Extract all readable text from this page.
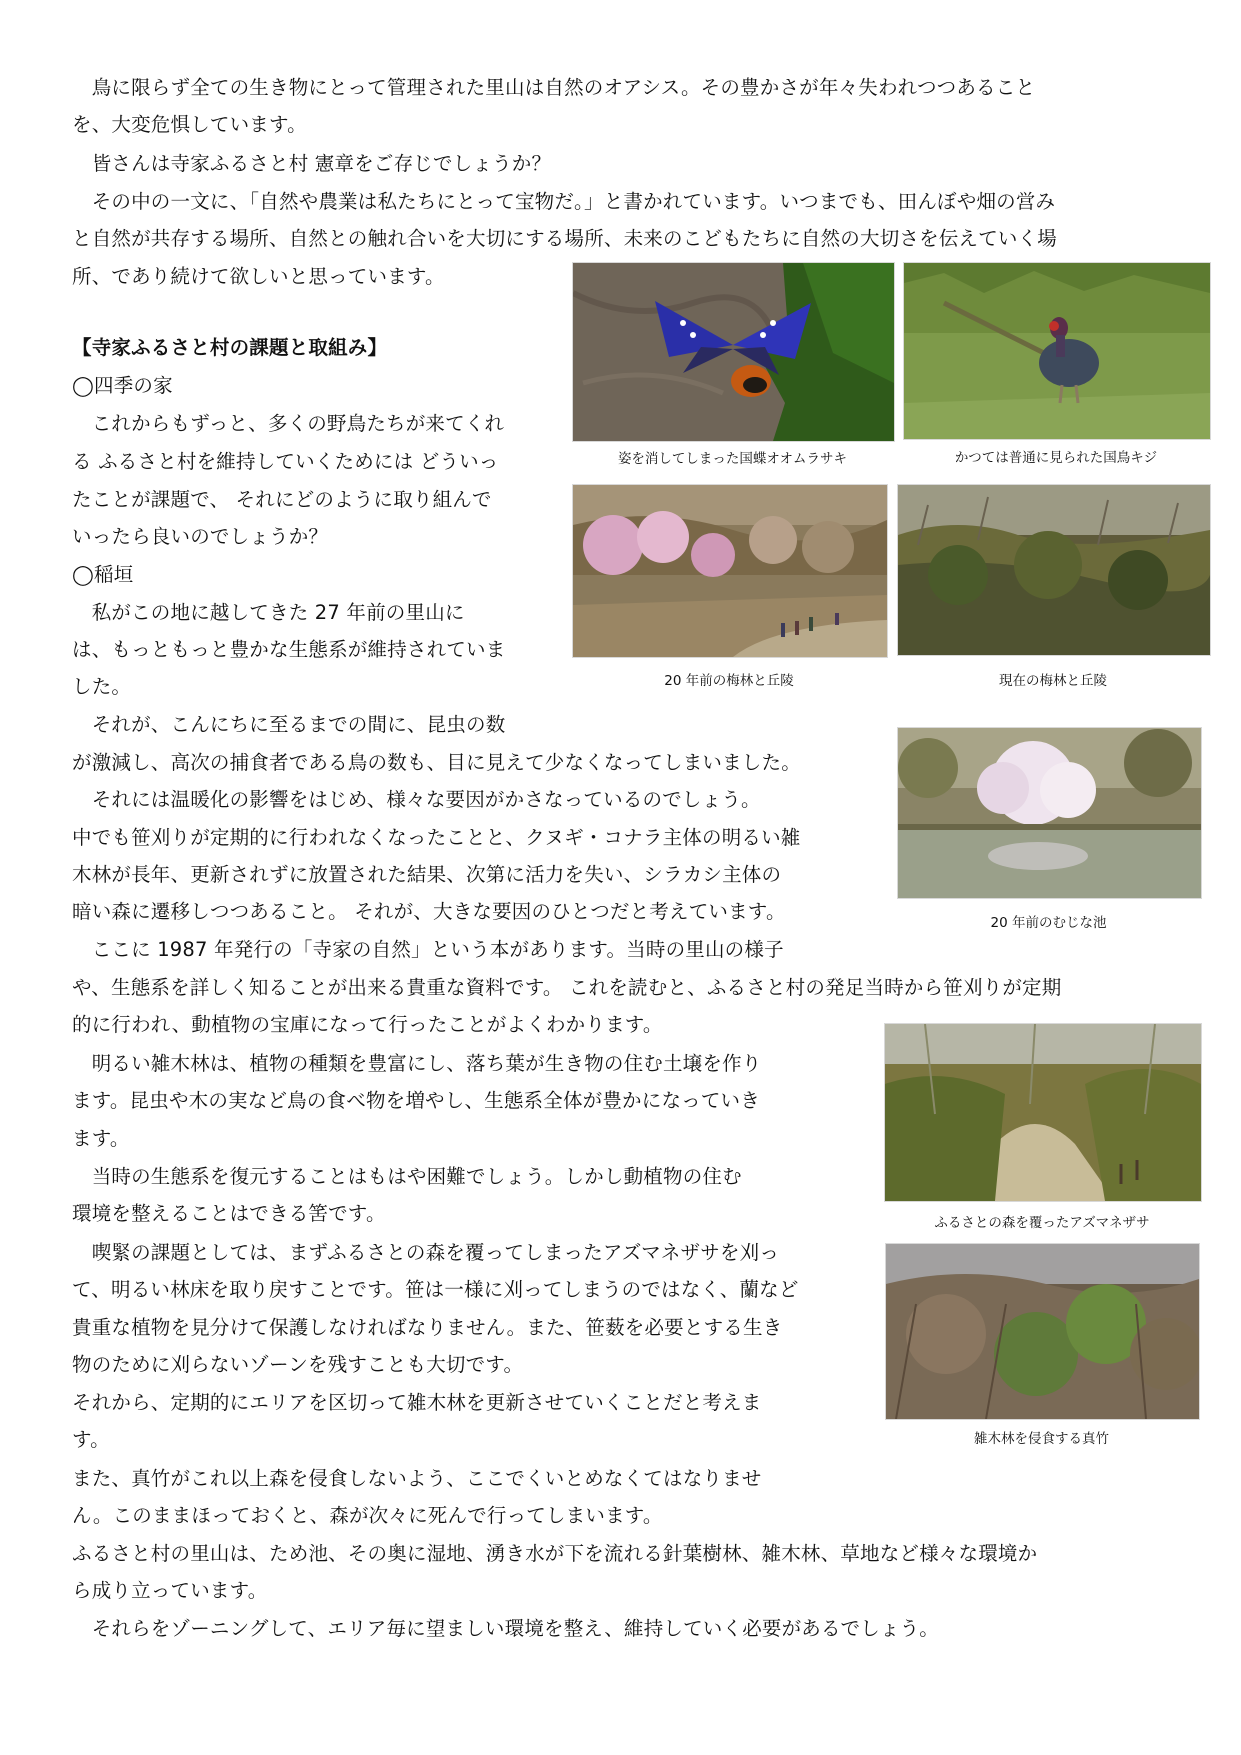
　鳥に限らず全ての生き物にとって管理された里山は自然のオアシス。その豊かさが年々失われつつあること
を、大変危惧しています。
　皆さんは寺家ふるさと村 憲章をご存じでしょうか？
　その中の一文に、「自然や農業は私たちにとって宝物だ。」と書かれています。いつまでも、田んぼや畑の営み
と自然が共存する場所、自然との触れ合いを大切にする場所、未来のこどもたちに自然の大切さを伝えていく場
所、であり続けて欲しいと思っています。
【寺家ふるさと村の課題と取組み】
◯四季の家
　これからもずっと、多くの野鳥たちが来てくれ
る ふるさと村を維持していくためには どういっ
たことが課題で、 それにどのように取り組んで
いったら良いのでしょうか？
◯稲垣
　私がこの地に越してきた 27 年前の里山に
は、もっともっと豊かな生態系が維持されていま
した。
　それが、こんにちに至るまでの間に、昆虫の数
が激減し、高次の捕食者である鳥の数も、目に見えて少なくなってしまいました。
　それには温暖化の影響をはじめ、様々な要因がかさなっているのでしょう。
中でも笹刈りが定期的に行われなくなったことと、クヌギ・コナラ主体の明るい雑
木林が長年、更新されずに放置された結果、次第に活力を失い、シラカシ主体の
暗い森に遷移しつつあること。 それが、大きな要因のひとつだと考えています。
　ここに 1987 年発行の「寺家の自然」という本があります。当時の里山の様子
や、生態系を詳しく知ることが出来る貴重な資料です。 これを読むと、ふるさと村の発足当時から笹刈りが定期
的に行われ、動植物の宝庫になって行ったことがよくわかります。
　明るい雑木林は、植物の種類を豊富にし、落ち葉が生き物の住む土壌を作り
ます。昆虫や木の実など鳥の食べ物を増やし、生態系全体が豊かになっていき
ます。
　当時の生態系を復元することはもはや困難でしょう。しかし動植物の住む
環境を整えることはできる筈です。
　喫緊の課題としては、まずふるさとの森を覆ってしまったアズマネザサを刈っ
て、明るい林床を取り戻すことです。笹は一様に刈ってしまうのではなく、蘭など
貴重な植物を見分けて保護しなければなりません。また、笹薮を必要とする生き
物のために刈らないゾーンを残すことも大切です。
それから、定期的にエリアを区切って雑木林を更新させていくことだと考えま
す。
また、真竹がこれ以上森を侵食しないよう、ここでくいとめなくてはなりませ
ん。このままほっておくと、森が次々に死んで行ってしまいます。
ふるさと村の里山は、ため池、その奥に湿地、湧き水が下を流れる針葉樹林、雑木林、草地など様々な環境か
ら成り立っています。
　それらをゾーニングして、エリア毎に望ましい環境を整え、維持していく必要があるでしょう。
姿を消してしまった国蝶オオムラサキ	かつては普通に見られた国鳥キジ
20 年前の梅林と丘陵	現在の梅林と丘陵
20 年前のむじな池
ふるさとの森を覆ったアズマネザサ
雑木林を侵食する真竹
